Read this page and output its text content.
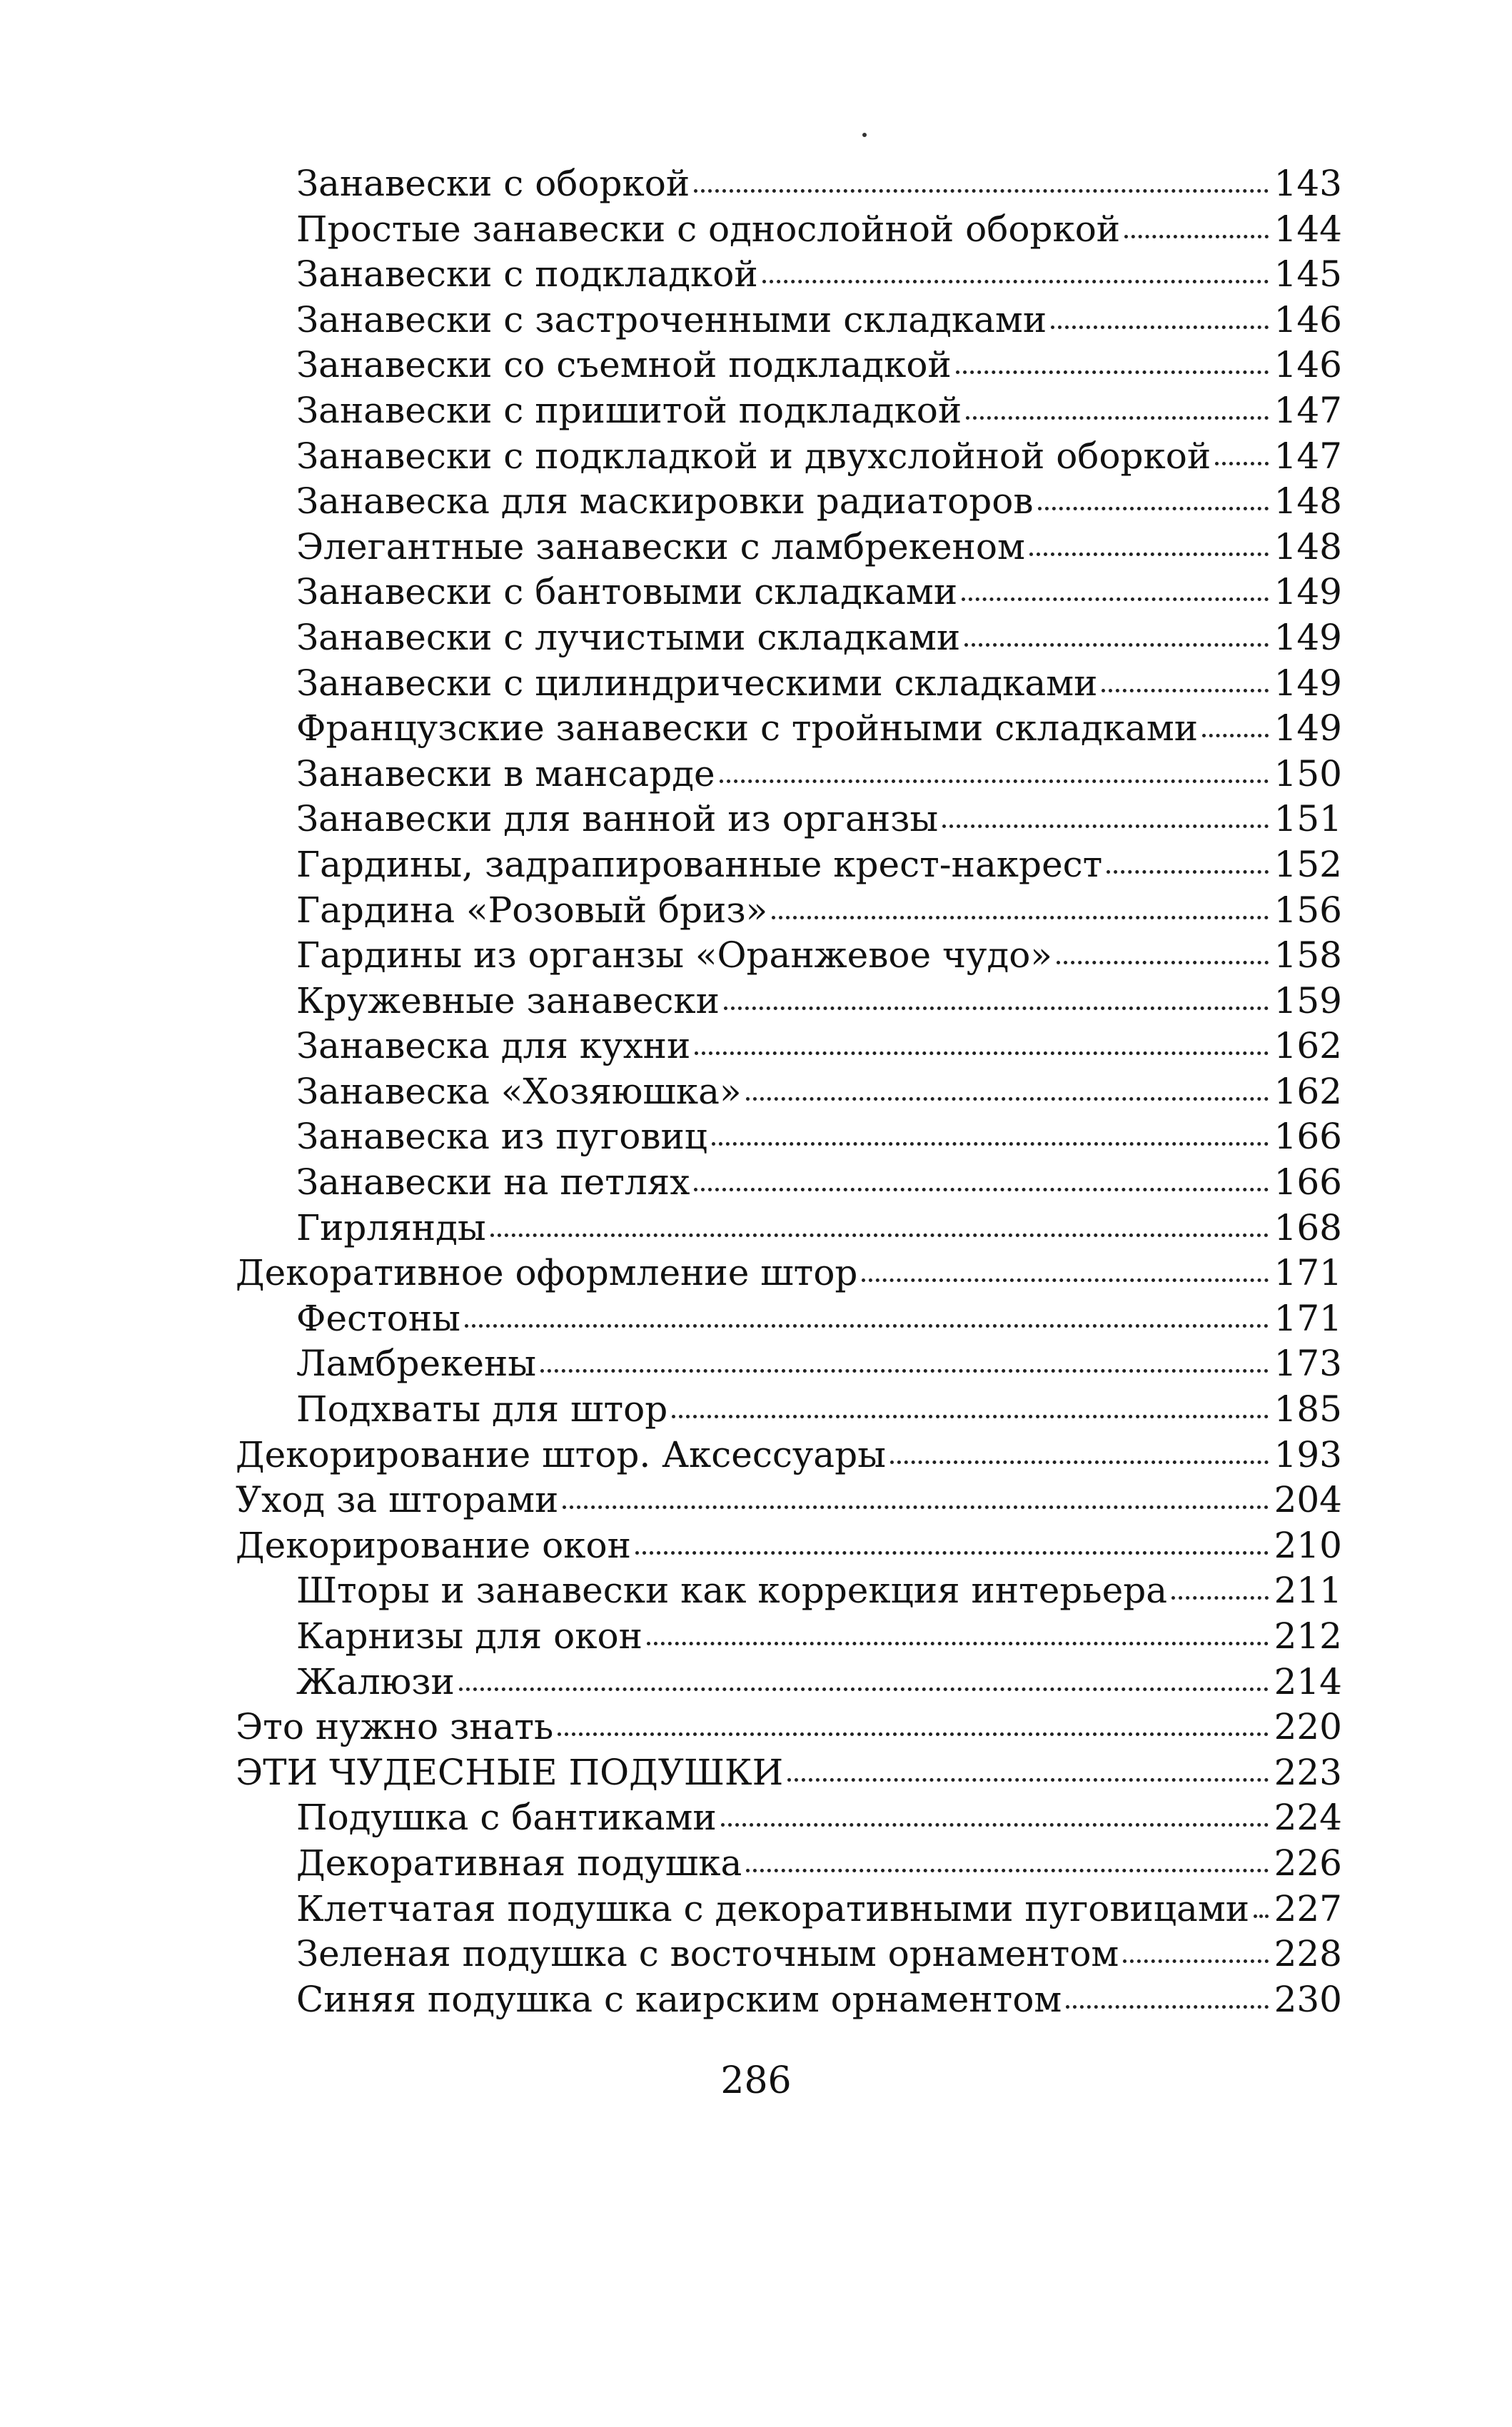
Занавески с оборкой	143
Простые занавески с однослойной оборкой	144
Занавески с подкладкой	145
Занавески с застроченными складками	146
Занавески со съемной подкладкой	146
Занавески с пришитой подкладкой	147
Занавески с подкладкой и двухслойной оборкой 147
Занавеска для маскировки радиаторов	148
Элегантные занавески с ламбрекеном	148
Занавески с бантовыми складками	149
Занавески с лучистыми складками	149
Занавески с цилиндрическими складками	149
Французские занавески с тройными складками 149
Занавески в мансарде	150
Занавески для ванной из органзы	151
Гардины, задрапированные крест-накрест	152
Гардина «Розовый бриз»	156
Гардины из органзы «Оранжевое чудо»	158
Кружевные занавески	159
Занавеска для кухни	162
Занавеска «Хозяюшка»	162
Занавеска из пуговиц	166
Занавески на петлях	166
Гирлянды	168
Декоративное оформление штор	171
Фестоны	171
Ламбрекены	173
Подхваты для штор	185
Декорирование штор. Аксессуары	193
Уход за шторами	204
Декорирование окон	210
Шторы и занавески как коррекция интерьера	211
Карнизы для окон	212
Жалюзи	214
Это нужно знать	220
ЭТИ ЧУДЕСНЫЕ ПОДУШКИ	223
Подушка с бантиками	224
Декоративная подушка	226
Клетчатая подушка с декоративными пуговицами 227
Зеленая подушка с восточным орнаментом	228
Синяя подушка с каирским орнаментом	230
286
